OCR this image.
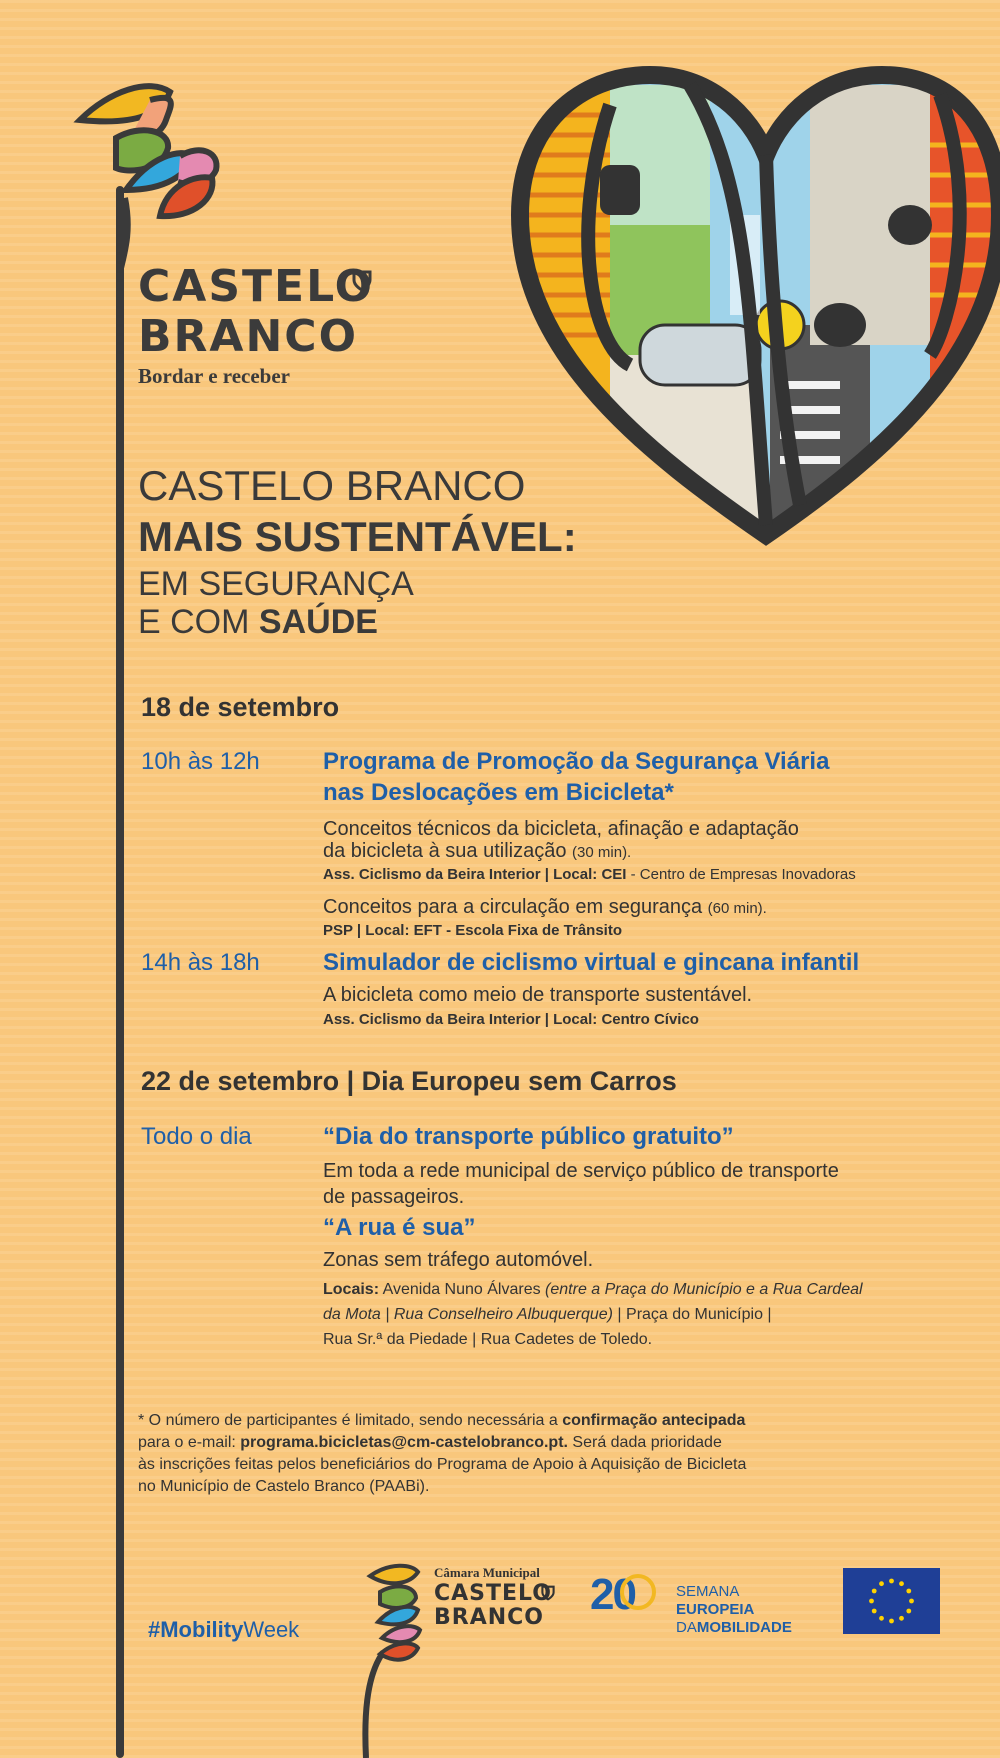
CASTELO
BRANCO
Bordar e receber
CASTELO BRANCO
MAIS SUSTENTÁVEL:
EM SEGURANÇA
E COM SAÚDE
18 de setembro
10h às 12h	Programa de Promoção da Segurança Viária
nas Deslocações em Bicicleta*
Conceitos técnicos da bicicleta, afinação e adaptação
da bicicleta à sua utilização (30 min).
Ass. Ciclismo da Beira Interior | Local: CEI - Centro de Empresas Inovadoras
Conceitos para a circulação em segurança (60 min).
PSP | Local: EFT - Escola Fixa de Trânsito
14h às 18h	Simulador de ciclismo virtual e gincana infantil
A bicicleta como meio de transporte sustentável.
Ass. Ciclismo da Beira Interior | Local: Centro Cívico
22 de setembro | Dia Europeu sem Carros
Todo o dia	“Dia do transporte público gratuito”
Em toda a rede municipal de serviço público de transporte
de passageiros.
“A rua é sua”
Zonas sem tráfego automóvel.
Locais: Avenida Nuno Álvares (entre a Praça do Município e a Rua Cardeal
da Mota | Rua Conselheiro Albuquerque) | Praça do Município |
Rua Sr.ª da Piedade | Rua Cadetes de Toledo.
* O número de participantes é limitado, sendo necessária a confirmação antecipada
para o e-mail: programa.bicicletas@cm-castelobranco.pt. Será dada prioridade
às inscrições feitas pelos beneficiários do Programa de Apoio à Aquisição de Bicicleta
no Município de Castelo Branco (PAABi).
#MobilityWeek
Câmara Municipal
CASTELO
BRANCO 20	SEMANA
EUROPEIA
DAMOBILIDADE
